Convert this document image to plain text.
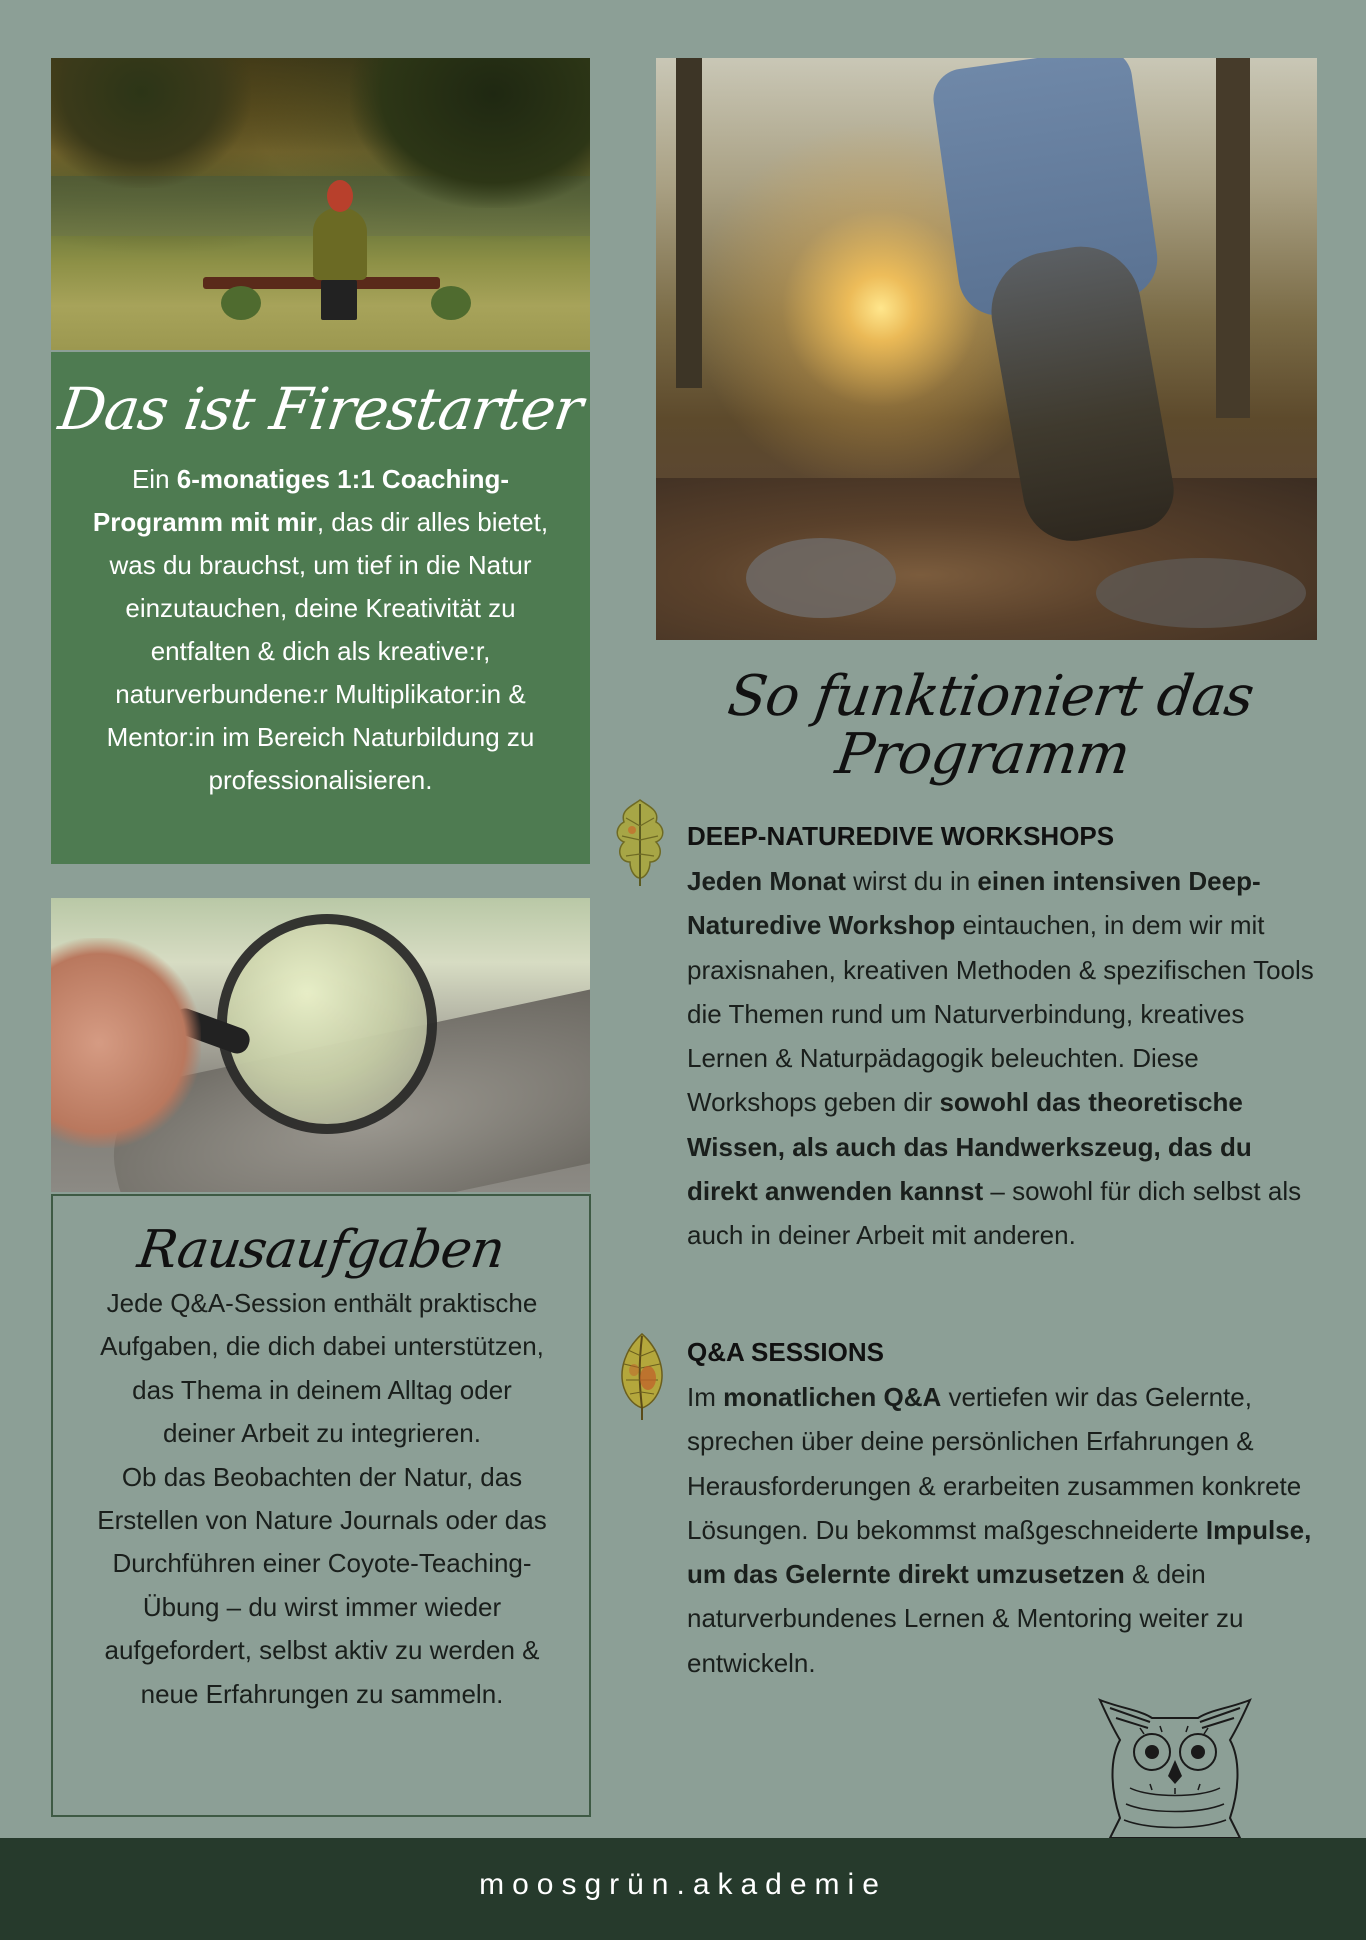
Das ist Firestarter

Ein 6-monatiges 1:1 Coaching-Programm mit mir, das dir alles bietet, was du brauchst, um tief in die Natur einzutauchen, deine Kreativität zu entfalten & dich als kreative:r, naturverbundene:r Multiplikator:in & Mentor:in im Bereich Naturbildung zu professionalisieren.

Rausaufgaben

Jede Q&A-Session enthält praktische Aufgaben, die dich dabei unterstützen, das Thema in deinem Alltag oder deiner Arbeit zu integrieren.

Ob das Beobachten der Natur, das Erstellen von Nature Journals oder das Durchführen einer Coyote-Teaching-Übung – du wirst immer wieder aufgefordert, selbst aktiv zu werden & neue Erfahrungen zu sammeln.

So funktioniert das
Programm
DEEP-NATUREDIVE WORKSHOPS

Jeden Monat wirst du in einen intensiven Deep-Naturedive Workshop eintauchen, in dem wir mit praxisnahen, kreativen Methoden & spezifischen Tools die Themen rund um Naturverbindung, kreatives Lernen & Naturpädagogik beleuchten. Diese Workshops geben dir sowohl das theoretische Wissen, als auch das Handwerkszeug, das du direkt anwenden kannst – sowohl für dich selbst als auch in deiner Arbeit mit anderen.

Q&A SESSIONS

Im monatlichen Q&A vertiefen wir das Gelernte, sprechen über deine persönlichen Erfahrungen & Herausforderungen & erarbeiten zusammen konkrete Lösungen. Du bekommst maßgeschneiderte Impulse, um das Gelernte direkt umzusetzen & dein naturverbundenes Lernen & Mentoring weiter zu entwickeln.

moosgrün.akademie
